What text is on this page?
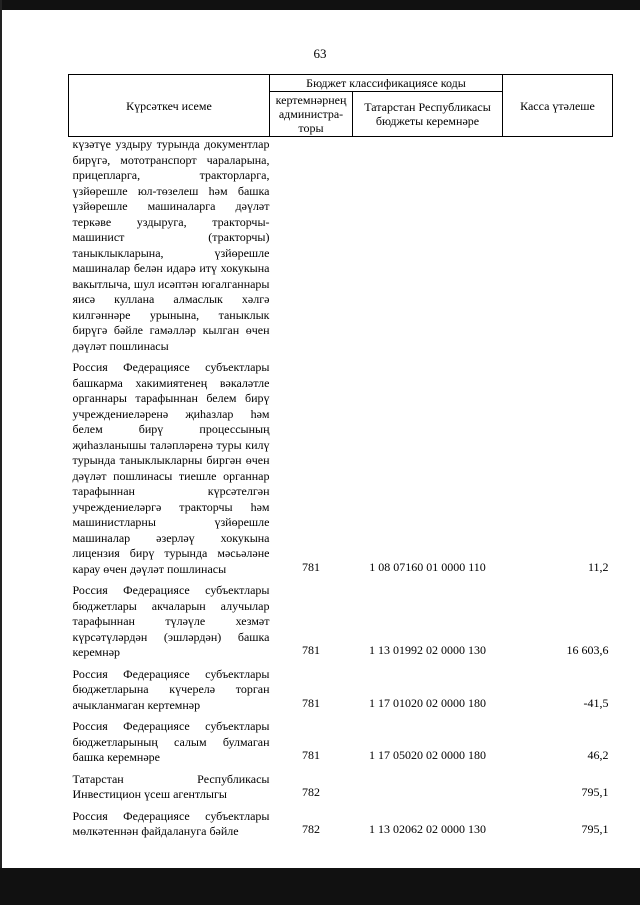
63
Күрсәткеч исеме	Бюджет классификациясе коды		Касса үтәлеше
	кертемнәрнең администра-торы	Татарстан Республикасы бюджеты керемнәре	
күзәтүе уздыру турында документлар бирүгә, мототранспорт чараларына, прицепларга, тракторларга, үзйөрешле юл-төзелеш һәм башка үзйөрешле машиналарга дәүләт теркәве уздыруга, тракторчы-машинист (тракторчы) таныклыкларына, үзйөрешле машиналар белән идарә итү хокукына вакытлыча, шул исәптән югалганнары яисә куллана алмаслык хәлгә килгәннәре урынына, таныклык бирүгә бәйле гамәлләр кылган өчен дәүләт пошлинасы			
Россия Федерациясе субъектлары башкарма хакимиятенең вәкаләтле органнары тарафыннан белем бирү учреждениеләренә җиһазлар һәм белем бирү процессының җиһазланышы таләпләренә туры килү турында таныклыкларны биргән өчен дәүләт пошлинасы тиешле органнар тарафыннан күрсәтелгән учреждениеләргә тракторчы һәм машинистларны үзйөрешле машиналар әзерләү хокукына лицензия бирү турында мәсьәләне карау өчен дәүләт пошлинасы	781	1 08 07160 01 0000 110	11,2
Россия Федерациясе субъектлары бюджетлары акчаларын алучылар тарафыннан түләүле хезмәт күрсәтүләрдән (эшләрдән) башка керемнәр	781	1 13 01992 02 0000 130	16 603,6
Россия Федерациясе субъектлары бюджетларына күчерелә торган ачыкланмаган кертемнәр	781	1 17 01020 02 0000 180	-41,5
Россия Федерациясе субъектлары бюджетларының салым булмаган башка керемнәре	781	1 17 05020 02 0000 180	46,2
Татарстан Республикасы Инвестицион үсеш агентлыгы	782		795,1
Россия Федерациясе субъектлары мөлкәтеннән файдалануга бәйле	782	1 13 02062 02 0000 130	795,1
